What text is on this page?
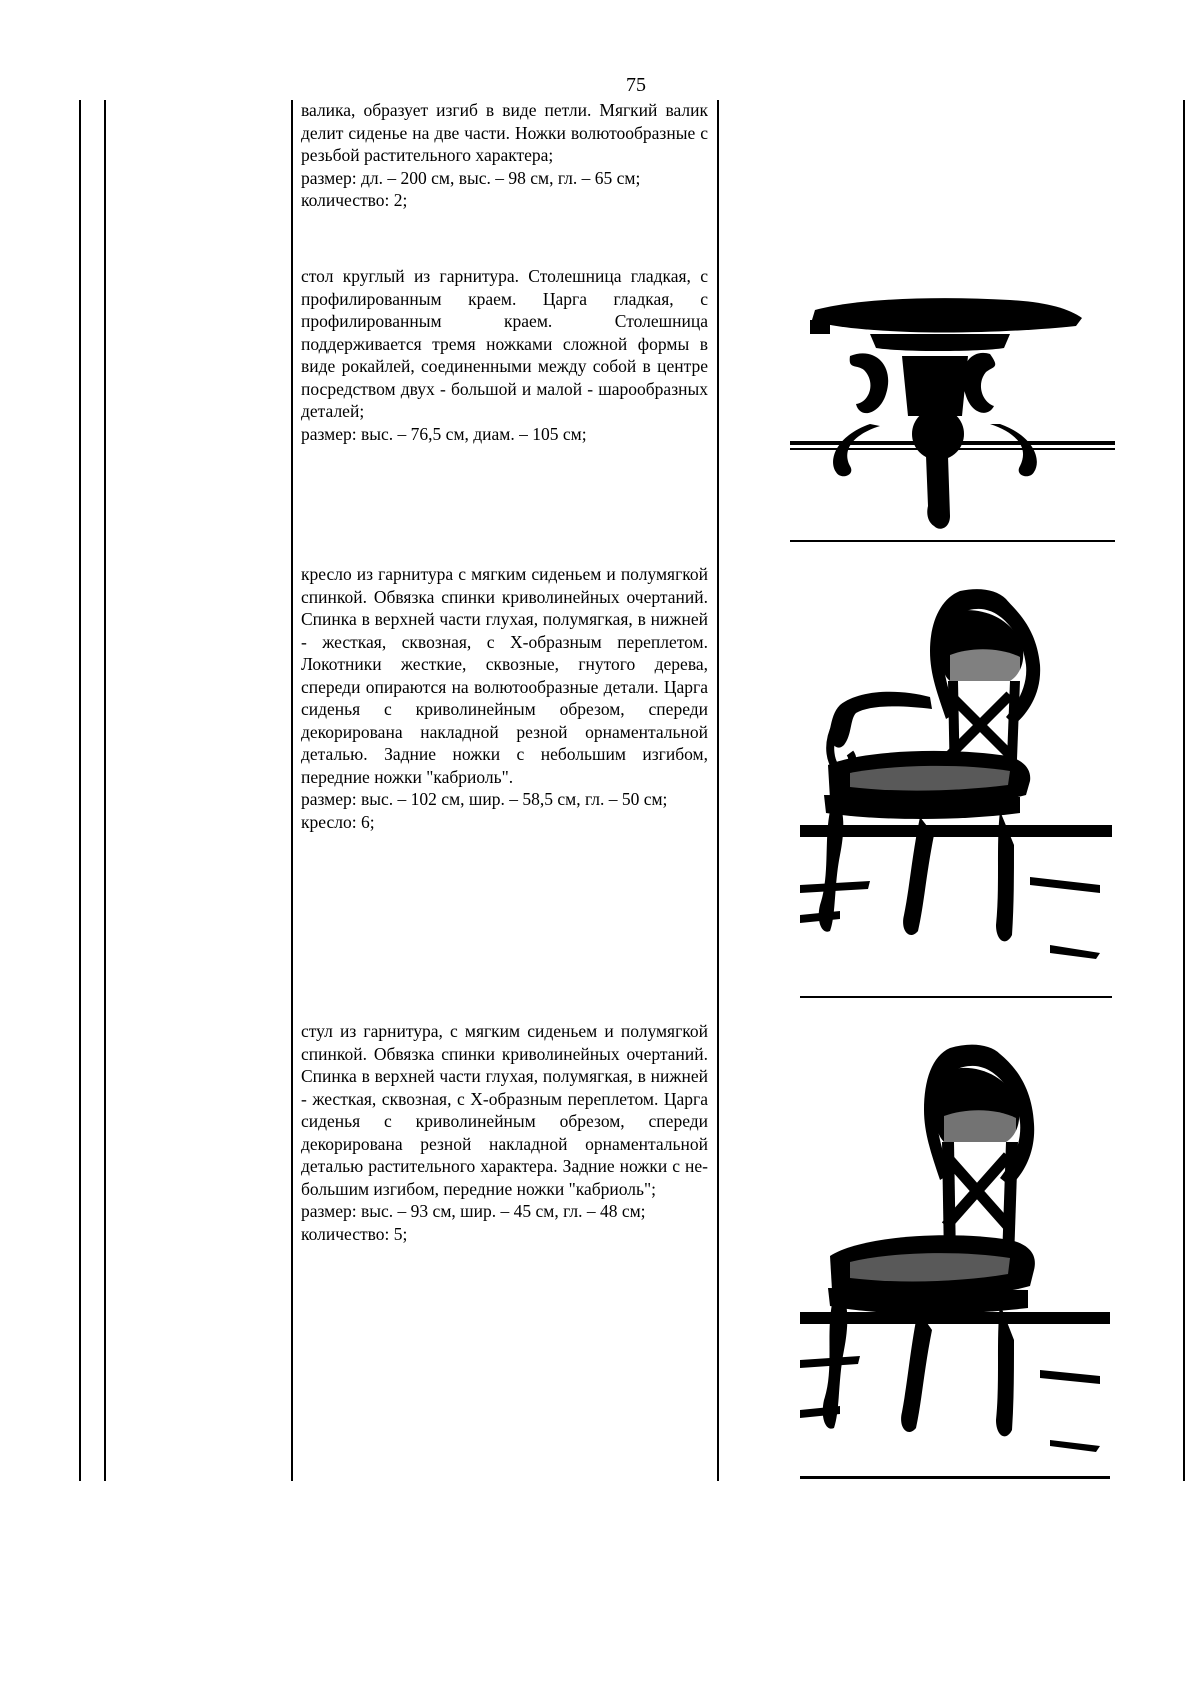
75

валика, образует изгиб в виде петли. Мягкий валик делит сиденье на две части. Ножки волютообразные с резьбой растительного характера;

размер: дл. – 200 см, выс. – 98 см, гл. – 65 см;

количество: 2;

стол круглый из гарнитура. Столешница гладкая, с профилированным краем. Царга гладкая, с профилированным краем. Столешница поддерживается тремя ножками сложной формы в виде рокайлей, соединенными между собой в центре посредством двух - большой и малой - шарообразных деталей;

размер: выс. – 76,5 см, диам. – 105 см;

кресло из гарнитура с мягким сиденьем и полумягкой спинкой. Обвязка спинки криволинейных очертаний. Спинка в верхней части глухая, полумягкая, в нижней - жесткая, сквозная, с Х-образным переплетом. Локотники жесткие, сквозные, гнутого дерева, спереди опираются на волютообразные детали. Царга сиденья с криволинейным обрезом, спереди декорирована накладной резной орнаментальной деталью. Задние ножки с небольшим изгибом, передние ножки "кабриоль".

размер: выс. – 102 см, шир. – 58,5 см, гл. – 50 см;

кресло: 6;

стул из гарнитура, с мягким сиденьем и полумягкой спинкой. Обвязка спинки криволинейных очертаний. Спинка в верхней части глухая, полумягкая, в нижней - жесткая, сквозная, с Х-образным переплетом. Царга сиденья с криволинейным обрезом, спереди декорирована резной накладной орнаментальной деталью растительного характера. Задние ножки с не- большим изгибом, передние ножки "кабриоль";

размер: выс. – 93 см, шир. – 45 см, гл. – 48 см;

количество: 5;
